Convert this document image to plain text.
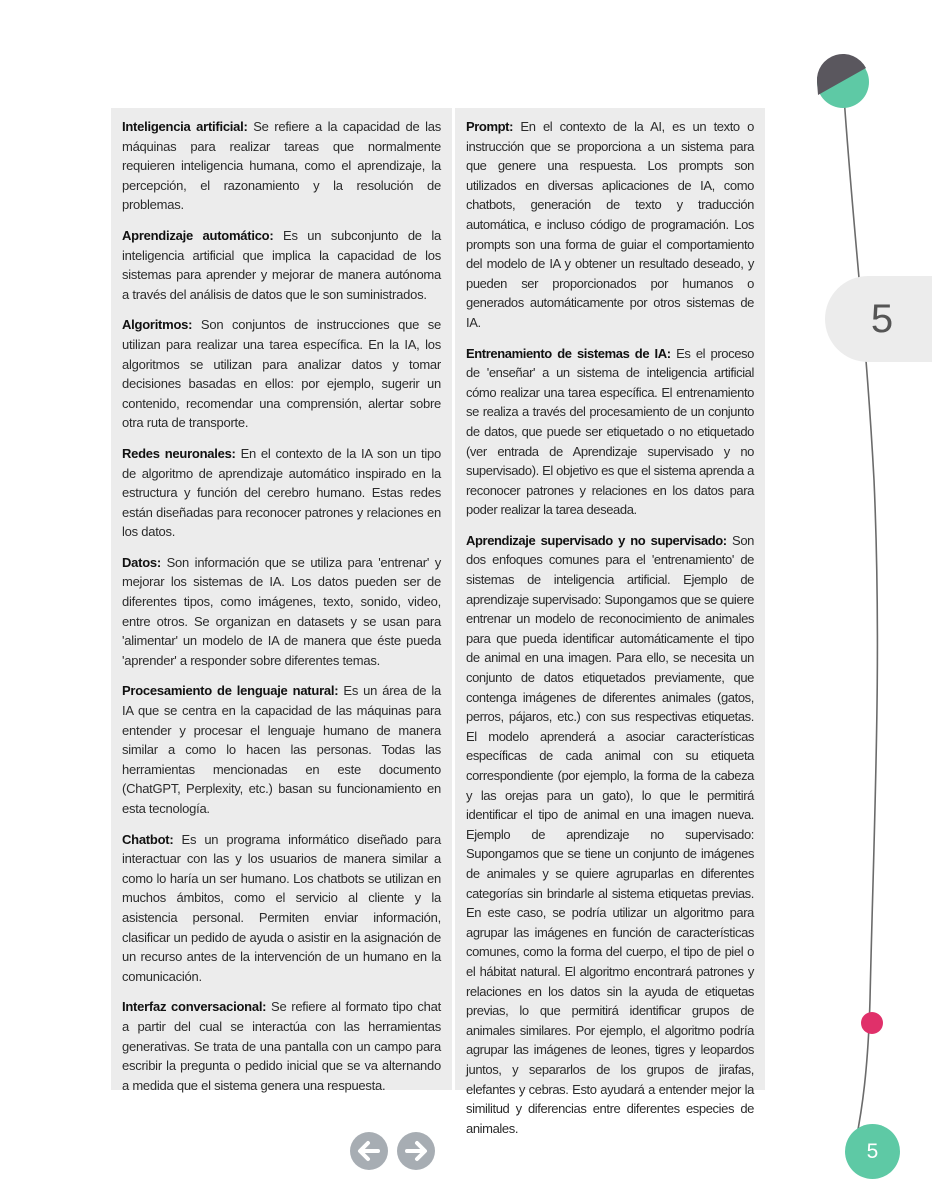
5

Inteligencia artificial: Se refiere a la capacidad de las máquinas para realizar tareas que normalmente requieren inteligencia humana, como el aprendizaje, la percepción, el razonamiento y la resolución de problemas.

Aprendizaje automático: Es un subconjunto de la inteligencia artificial que implica la capacidad de los sistemas para aprender y mejorar de manera autónoma a través del análisis de datos que le son suministrados.

Algoritmos: Son conjuntos de instrucciones que se utilizan para realizar una tarea específica. En la IA, los algoritmos se utilizan para analizar datos y tomar decisiones basadas en ellos: por ejemplo, sugerir un contenido, recomendar una comprensión, alertar sobre otra ruta de transporte.

Redes neuronales: En el contexto de la IA son un tipo de algoritmo de aprendizaje automático inspirado en la estructura y función del cerebro humano. Estas redes están diseñadas para reconocer patrones y relaciones en los datos.

Datos: Son información que se utiliza para 'entrenar' y mejorar los sistemas de IA. Los datos pueden ser de diferentes tipos, como imágenes, texto, sonido, video, entre otros. Se organizan en datasets y se usan para 'alimentar' un modelo de IA de manera que éste pueda 'aprender' a responder sobre diferentes temas.

Procesamiento de lenguaje natural: Es un área de la IA que se centra en la capacidad de las máquinas para entender y procesar el lenguaje humano de manera similar a como lo hacen las personas. Todas las herramientas mencionadas en este documento (ChatGPT, Perplexity, etc.) basan su funcionamiento en esta tecnología.

Chatbot: Es un programa informático diseñado para interactuar con las y los usuarios de manera similar a como lo haría un ser humano. Los chatbots se utilizan en muchos ámbitos, como el servicio al cliente y la asistencia personal. Permiten enviar información, clasificar un pedido de ayuda o asistir en la asignación de un recurso antes de la intervención de un humano en la comunicación.

Interfaz conversacional: Se refiere al formato tipo chat a partir del cual se interactúa con las herramientas generativas. Se trata de una pantalla con un campo para escribir la pregunta o pedido inicial que se va alternando a medida que el sistema genera una respuesta.

Prompt: En el contexto de la AI, es un texto o instrucción que se proporciona a un sistema para que genere una respuesta. Los prompts son utilizados en diversas aplicaciones de IA, como chatbots, generación de texto y traducción automática, e incluso código de programación. Los prompts son una forma de guiar el comportamiento del modelo de IA y obtener un resultado deseado, y pueden ser proporcionados por humanos o generados automáticamente por otros sistemas de IA.

Entrenamiento de sistemas de IA: Es el proceso de 'enseñar' a un sistema de inteligencia artificial cómo realizar una tarea específica. El entrenamiento se realiza a través del procesamiento de un conjunto de datos, que puede ser etiquetado o no etiquetado (ver entrada de Aprendizaje supervisado y no supervisado). El objetivo es que el sistema aprenda a reconocer patrones y relaciones en los datos para poder realizar la tarea deseada.

Aprendizaje supervisado y no supervisado: Son dos enfoques comunes para el 'entrenamiento' de sistemas de inteligencia artificial. Ejemplo de aprendizaje supervisado: Supongamos que se quiere entrenar un modelo de reconocimiento de animales para que pueda identificar automáticamente el tipo de animal en una imagen. Para ello, se necesita un conjunto de datos etiquetados previamente, que contenga imágenes de diferentes animales (gatos, perros, pájaros, etc.) con sus respectivas etiquetas. El modelo aprenderá a asociar características específicas de cada animal con su etiqueta correspondiente (por ejemplo, la forma de la cabeza y las orejas para un gato), lo que le permitirá identificar el tipo de animal en una imagen nueva. Ejemplo de aprendizaje no supervisado: Supongamos que se tiene un conjunto de imágenes de animales y se quiere agruparlas en diferentes categorías sin brindarle al sistema etiquetas previas. En este caso, se podría utilizar un algoritmo para agrupar las imágenes en función de características comunes, como la forma del cuerpo, el tipo de piel o el hábitat natural. El algoritmo encontrará patrones y relaciones en los datos sin la ayuda de etiquetas previas, lo que permitirá identificar grupos de animales similares. Por ejemplo, el algoritmo podría agrupar las imágenes de leones, tigres y leopardos juntos, y separarlos de los grupos de jirafas, elefantes y cebras. Esto ayudará a entender mejor la similitud y diferencias entre diferentes especies de animales.

5
